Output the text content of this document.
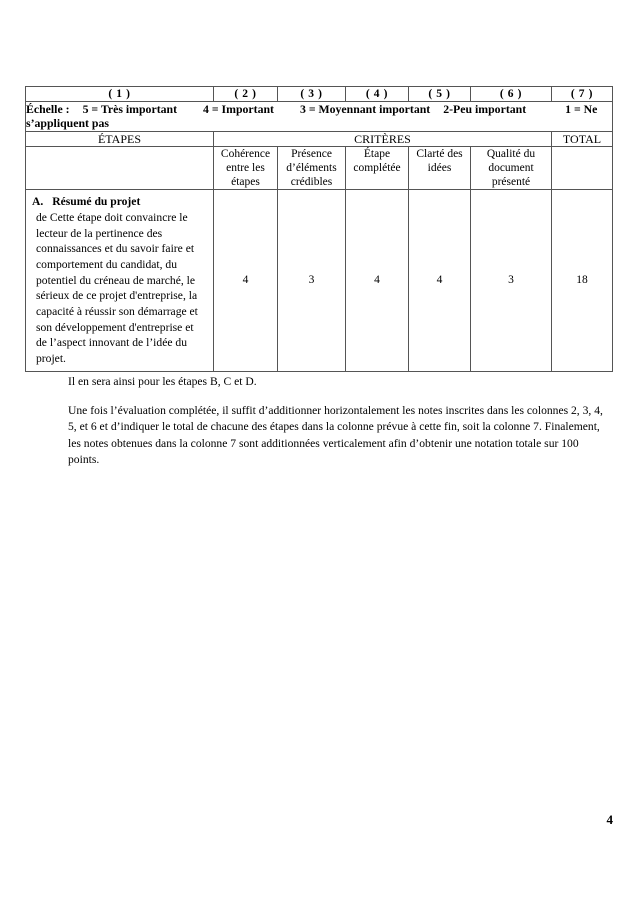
( 1 )	( 2 )	( 3 )	( 4 )	( 5 )	( 6 )	( 7 )
Échelle : 5 = Très important 4 = Important 3 = Moyennant important 2-Peu important 1 = Ne s’appliquent pas						
ÉTAPES	CRITÈRES					TOTAL
	Cohérence entre les étapes	Présence d’éléments crédibles	Étape complétée	Clarté des idées	Qualité du document présenté	

A. Résumé du projet
de Cette étape doit convaincre le lecteur de la pertinence des connaissances et du savoir faire et comportement du candidat, du potentiel du créneau de marché, le sérieux de ce projet d'entreprise, la capacité à réussir son démarrage et son développement d'entreprise et de l’aspect innovant de l’idée du projet.	4	3	4	4	3	18
Il en sera ainsi pour les étapes B, C et D.
Une fois l’évaluation complétée, il suffit d’additionner horizontalement les notes inscrites dans les colonnes 2, 3, 4, 5, et 6 et d’indiquer le total de chacune des étapes dans la colonne prévue à cette fin, soit la colonne 7. Finalement, les notes obtenues dans la colonne 7 sont additionnées verticalement afin d’obtenir une notation totale sur 100 points.
4
